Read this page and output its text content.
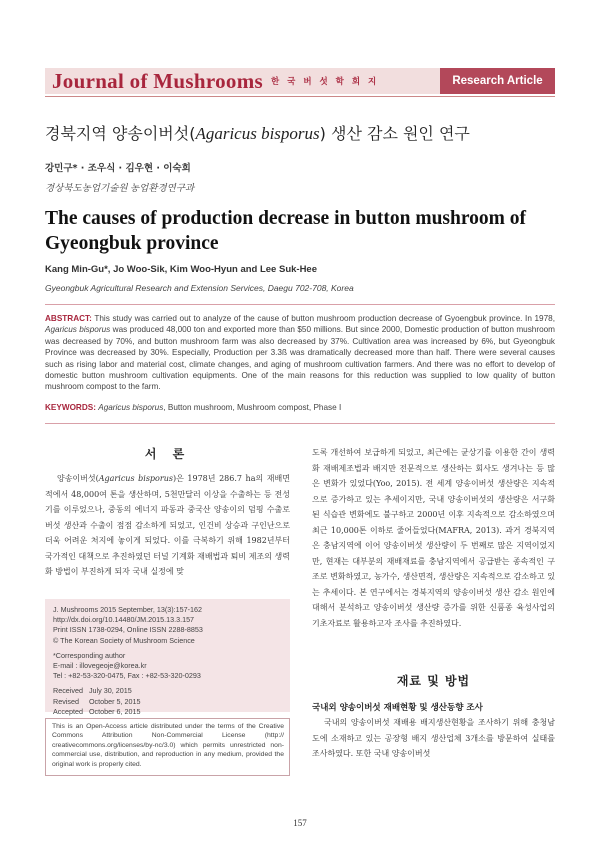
Journal of Mushrooms 한 국 버 섯 학 회 지	Research Article
경북지역 양송이버섯(Agaricus bisporus) 생산 감소 원인 연구
강민구* · 조우식 · 김우현 · 이숙희
경상북도농업기술원 농업환경연구과
The causes of production decrease in button mushroom of Gyeongbuk province
Kang Min-Gu*, Jo Woo-Sik, Kim Woo-Hyun and Lee Suk-Hee
Gyeongbuk Agricultural Research and Extension Services, Daegu 702-708, Korea
ABSTRACT: This study was carried out to analyze of the cause of button mushroom production decrease of Gyoengbuk province. In 1978, Agaricus bisporus was produced 48,000 ton and exported more than $50 millions. But since 2000, Domestic production of button mushroom was decreased by 70%, and button mushroom farm was also decreased by 37%. Cultivation area was increased by 6%, but Gyeongbuk Province was decreased by 30%. Especially, Production per 3.3ß was dramatically decreased more than half. There were several causes such as rising labor and material cost, climate changes, and aging of mushroom cultivation farmers. And there was no effort to develop of domestic button mushroom cultivation equipments. One of the main reasons for this reduction was supplied to low quality of button mushroom compost to the farm.
KEYWORDS: Agaricus bisporus, Button mushroom, Mushroom compost, Phase I
서 론

양송이버섯(Agaricus bisporus)은 1978년 286.7 ha의 재배면적에서 48,000여 톤을 생산하며, 5천만달러 이상을 수출하는 등 전성기를 이루었으나, 중동의 에너지 파동과 중국산 양송이의 덤핑 수출로 버섯 생산과 수출이 점점 감소하게 되었고, 인건비 상승과 구인난으로 더욱 어려운 처지에 놓이게 되었다. 이를 극복하기 위해 1982년부터 국가적인 대책으로 추진하였던 터널 기계화 재배법과 퇴비 제조의 생력화 방법이 부진하게 되자 국내 실정에 맞

J. Mushrooms 2015 September, 13(3):157-162
http://dx.doi.org/10.14480/JM.2015.13.3.157
Print ISSN 1738-0294, Online ISSN 2288-8853
© The Korean Society of Mushroom Science
*Corresponding author
E-mail : illovegeoje@korea.kr
Tel : +82-53-320-0475, Fax : +82-53-320-0293
Received   July 30, 2015
Revised     October 5, 2015
Accepted   October 6, 2015
This is an Open-Access article distributed under the terms of the Creative Commons Attribution Non-Commercial License (http:// creativecommons.org/licenses/by-nc/3.0) which permits unrestricted non-commercial use, distribution, and reproduction in any medium, provided the original work is properly cited.

도록 개선하여 보급하게 되었고, 최근에는 균상기를 이용한 간이 생력화 재배제조법과 배지만 전문적으로 생산하는 회사도 생겨나는 등 많은 변화가 있었다(Yoo, 2015). 전 세계 양송이버섯 생산량은 지속적으로 증가하고 있는 추세이지만, 국내 양송이버섯의 생산량은 서구화된 식습관 변화에도 불구하고 2000년 이후 지속적으로 감소하였으며 최근 10,000톤 이하로 줄어들었다(MAFRA, 2013). 과거 경북지역은 충남지역에 이어 양송이버섯 생산량이 두 번째로 많은 지역이었지만, 현재는 대부분의 재배재료를 충남지역에서 공급받는 종속적인 구조로 변화하였고, 농가수, 생산면적, 생산량은 지속적으로 감소하고 있는 추세이다. 본 연구에서는 경북지역의 양송이버섯 생산 감소 원인에 대해서 분석하고 양송이버섯 생산량 증가를 위한 신품종 육성사업의 기초자료로 활용하고자 조사를 추진하였다.

재료 및 방법
국내외 양송이버섯 재배현황 및 생산동향 조사

국내의 양송이버섯 재배용 배지생산현황을 조사하기 위해 충청남도에 소재하고 있는 공장형 배지 생산업체 3개소를 방문하여 실태를 조사하였다. 또한 국내 양송이버섯

157
